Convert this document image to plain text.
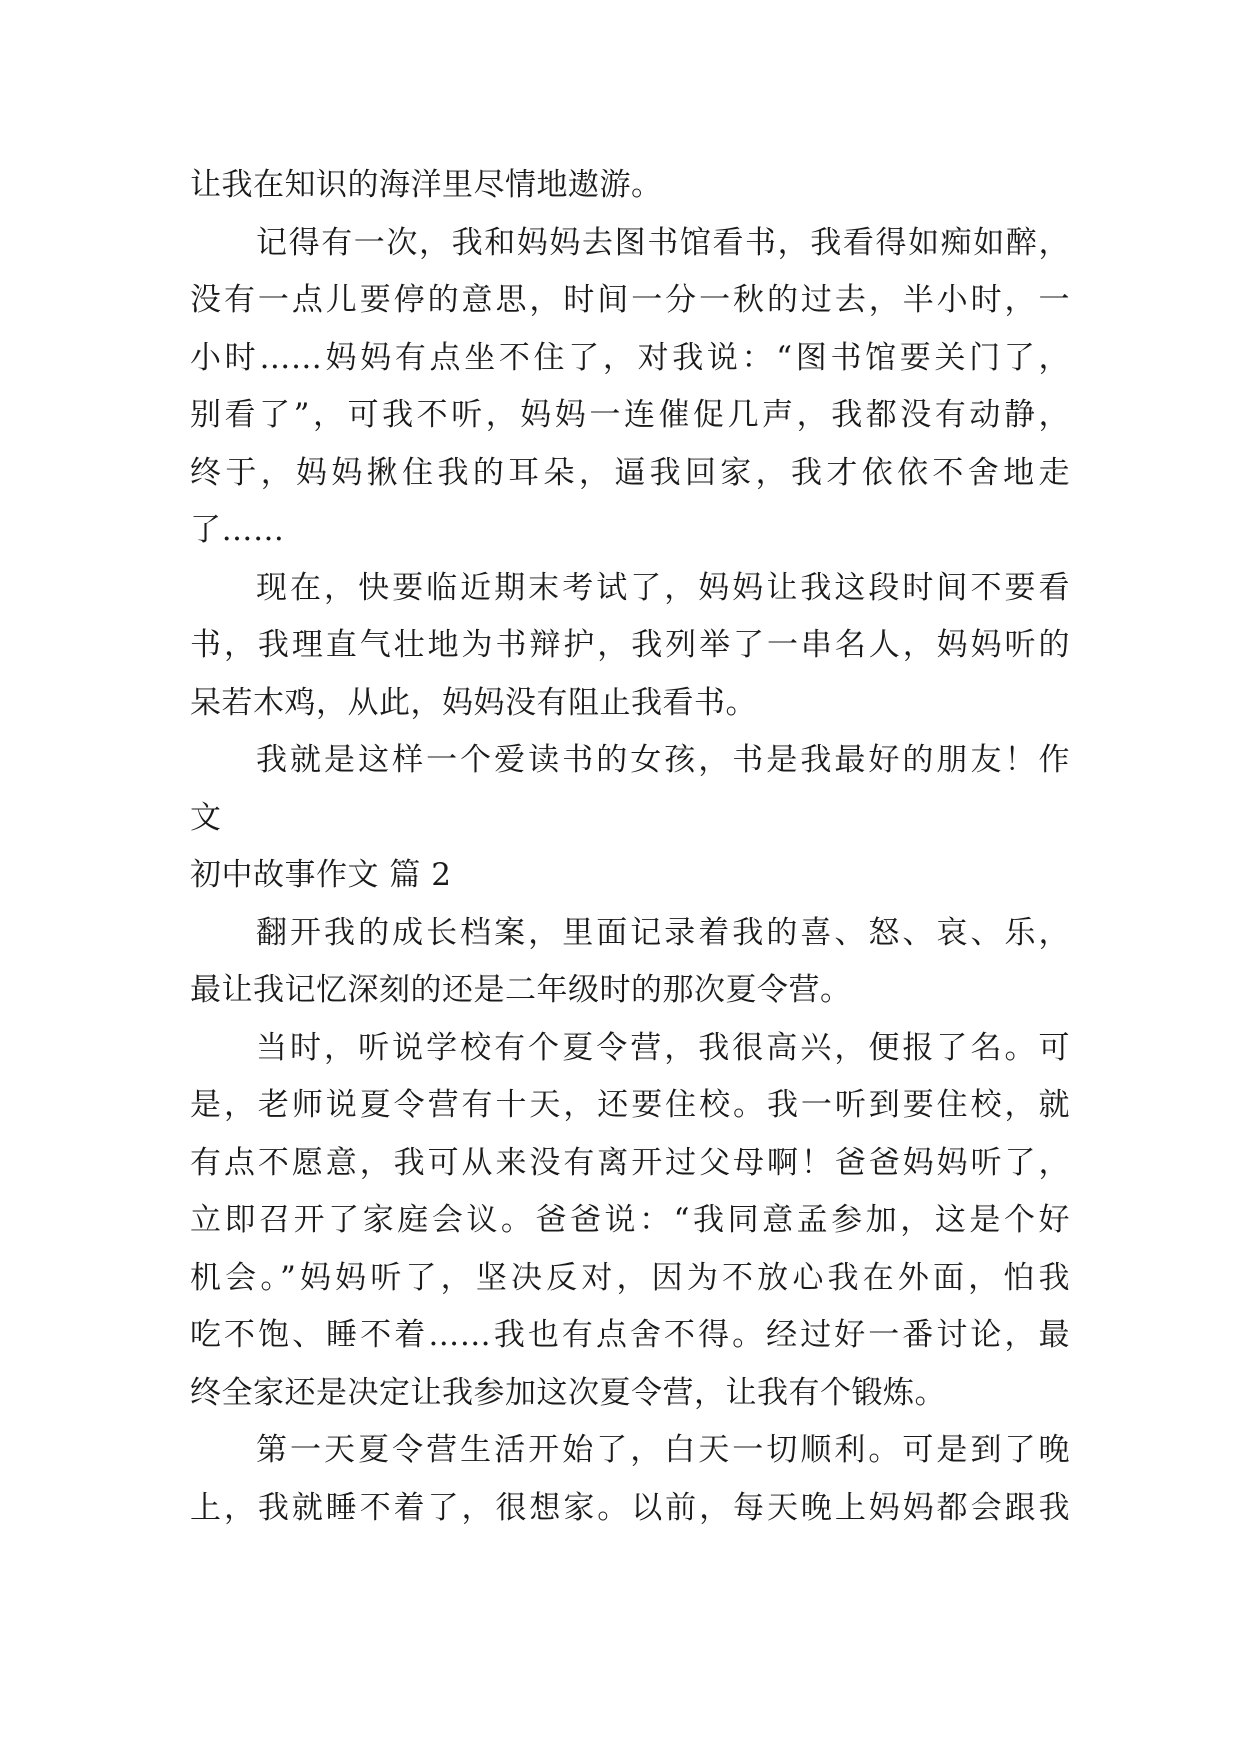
让我在知识的海洋里尽情地遨游。
记得有一次，我和妈妈去图书馆看书，我看得如痴如醉，
没有一点儿要停的意思，时间一分一秋的过去，半小时，一
小时……妈妈有点坐不住了，对我说：“图书馆要关门了，
别看了”，可我不听，妈妈一连催促几声，我都没有动静，
终于，妈妈揪住我的耳朵，逼我回家，我才依依不舍地走
了……
现在，快要临近期末考试了，妈妈让我这段时间不要看
书，我理直气壮地为书辩护，我列举了一串名人，妈妈听的
呆若木鸡，从此，妈妈没有阻止我看书。
我就是这样一个爱读书的女孩，书是我最好的朋友！作
文
初中故事作文 篇 2
翻开我的成长档案，里面记录着我的喜、怒、哀、乐，
最让我记忆深刻的还是二年级时的那次夏令营。
当时，听说学校有个夏令营，我很高兴，便报了名。可
是，老师说夏令营有十天，还要住校。我一听到要住校，就
有点不愿意，我可从来没有离开过父母啊！爸爸妈妈听了，
立即召开了家庭会议。爸爸说：“我同意孟参加，这是个好
机会。”妈妈听了，坚决反对，因为不放心我在外面，怕我
吃不饱、睡不着……我也有点舍不得。经过好一番讨论，最
终全家还是决定让我参加这次夏令营，让我有个锻炼。
第一天夏令营生活开始了，白天一切顺利。可是到了晚
上，我就睡不着了，很想家。以前，每天晚上妈妈都会跟我
